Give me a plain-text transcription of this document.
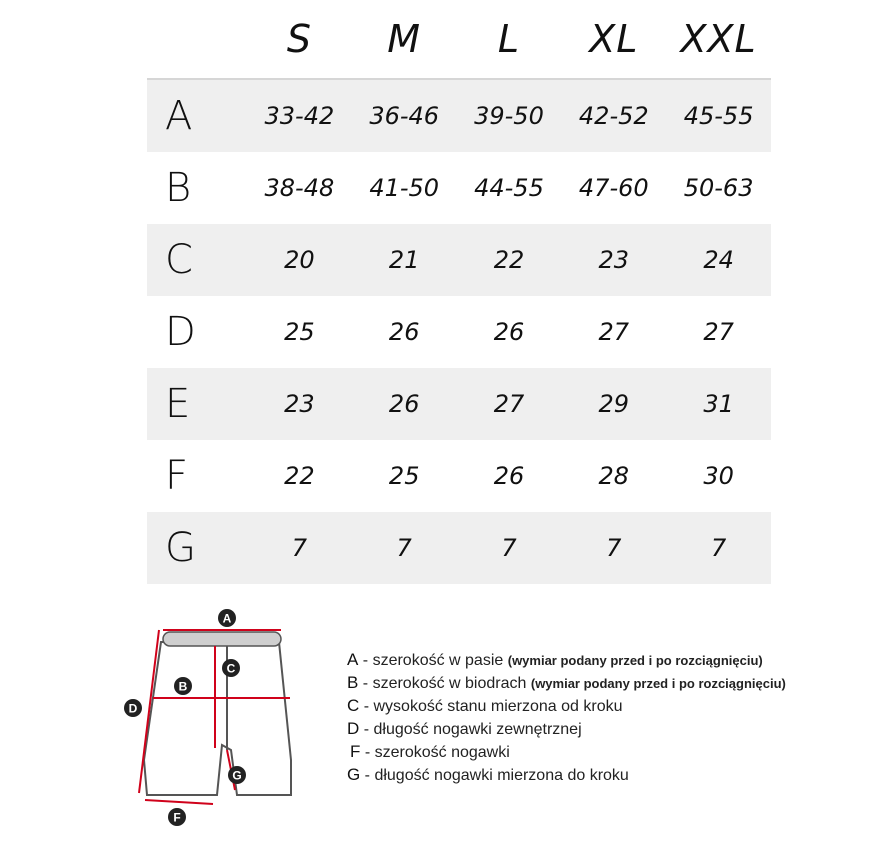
	S	M	L	XL	XXL
A	33-42	36-46	39-50	42-52	45-55
B	38-48	41-50	44-55	47-60	50-63
C	20	21	22	23	24
D	25	26	26	27	27
E	23	26	27	29	31
F	22	25	26	28	30
G	7	7	7	7	7
A
B
C
D
F
G
A - szerokość w pasie (wymiar podany przed i po rozciągnięciu)
B - szerokość w biodrach (wymiar podany przed i po rozciągnięciu)
C - wysokość stanu mierzona od kroku
D - długość nogawki zewnętrznej
F - szerokość nogawki
G - długość nogawki mierzona do kroku
